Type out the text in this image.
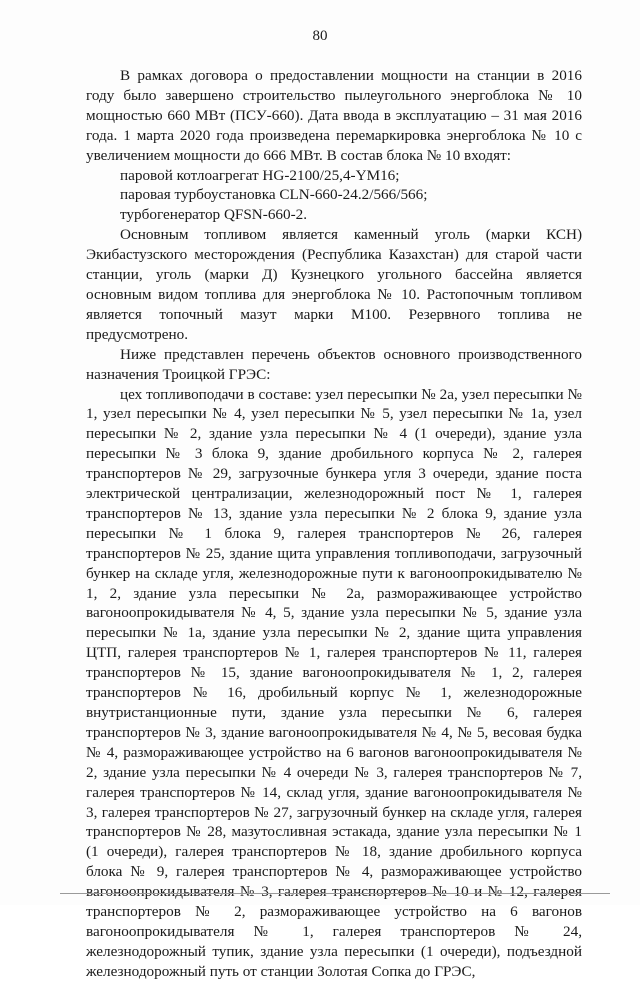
80

В рамках договора о предоставлении мощности на станции в 2016 году было завершено строительство пылеугольного энергоблока № 10 мощностью 660 МВт (ПСУ-660). Дата ввода в эксплуатацию – 31 мая 2016 года. 1 марта 2020 года произведена перемаркировка энергоблока № 10 с увеличением мощности до 666 МВт. В состав блока № 10 входят:

паровой котлоагрегат HG-2100/25,4-YM16;

паровая турбоустановка CLN-660-24.2/566/566;

турбогенератор QFSN-660-2.

Основным топливом является каменный уголь (марки КСН) Экибастузского месторождения (Республика Казахстан) для старой части станции, уголь (марки Д) Кузнецкого угольного бассейна является основным видом топлива для энергоблока № 10. Растопочным топливом является топочный мазут марки М100. Резервного топлива не предусмотрено.

Ниже представлен перечень объектов основного производственного назначения Троицкой ГРЭС:

цех топливоподачи в составе: узел пересыпки № 2а, узел пересыпки № 1, узел пересыпки № 4, узел пересыпки № 5, узел пересыпки № 1а, узел пересыпки № 2, здание узла пересыпки № 4 (1 очереди), здание узла пересыпки № 3 блока 9, здание дробильного корпуса № 2, галерея транспортеров № 29, загрузочные бункера угля 3 очереди, здание поста электрической централизации, железнодорожный пост № 1, галерея транспортеров № 13, здание узла пересыпки № 2 блока 9, здание узла пересыпки № 1 блока 9, галерея транспортеров № 26, галерея транспортеров № 25, здание щита управления топливоподачи, загрузочный бункер на складе угля, железнодорожные пути к вагоноопрокидывателю № 1, 2, здание узла пересыпки № 2а, размораживающее устройство вагоноопрокидывателя № 4, 5, здание узла пересыпки № 5, здание узла пересыпки № 1а, здание узла пересыпки № 2, здание щита управления ЦТП, галерея транспортеров № 1, галерея транспортеров № 11, галерея транспортеров № 15, здание вагоноопрокидывателя № 1, 2, галерея транспортеров № 16, дробильный корпус № 1, железнодорожные внутристанционные пути, здание узла пересыпки № 6, галерея транспортеров № 3, здание вагоноопрокидывателя № 4, № 5, весовая будка № 4, размораживающее устройство на 6 вагонов вагоноопрокидывателя № 2, здание узла пересыпки № 4 очереди № 3, галерея транспортеров № 7, галерея транспортеров № 14, склад угля, здание вагоноопрокидывателя № 3, галерея транспортеров № 27, загрузочный бункер на складе угля, галерея транспортеров № 28, мазутосливная эстакада, здание узла пересыпки № 1 (1 очереди), галерея транспортеров № 18, здание дробильного корпуса блока № 9, галерея транспортеров № 4, размораживающее устройство вагоноопрокидывателя № 3, галерея транспортеров № 10 и № 12, галерея транспортеров № 2, размораживающее устройство на 6 вагонов вагоноопрокидывателя № 1, галерея транспортеров № 24, железнодорожный тупик, здание узла пересыпки (1 очереди), подъездной железнодорожный путь от станции Золотая Сопка до ГРЭС,
